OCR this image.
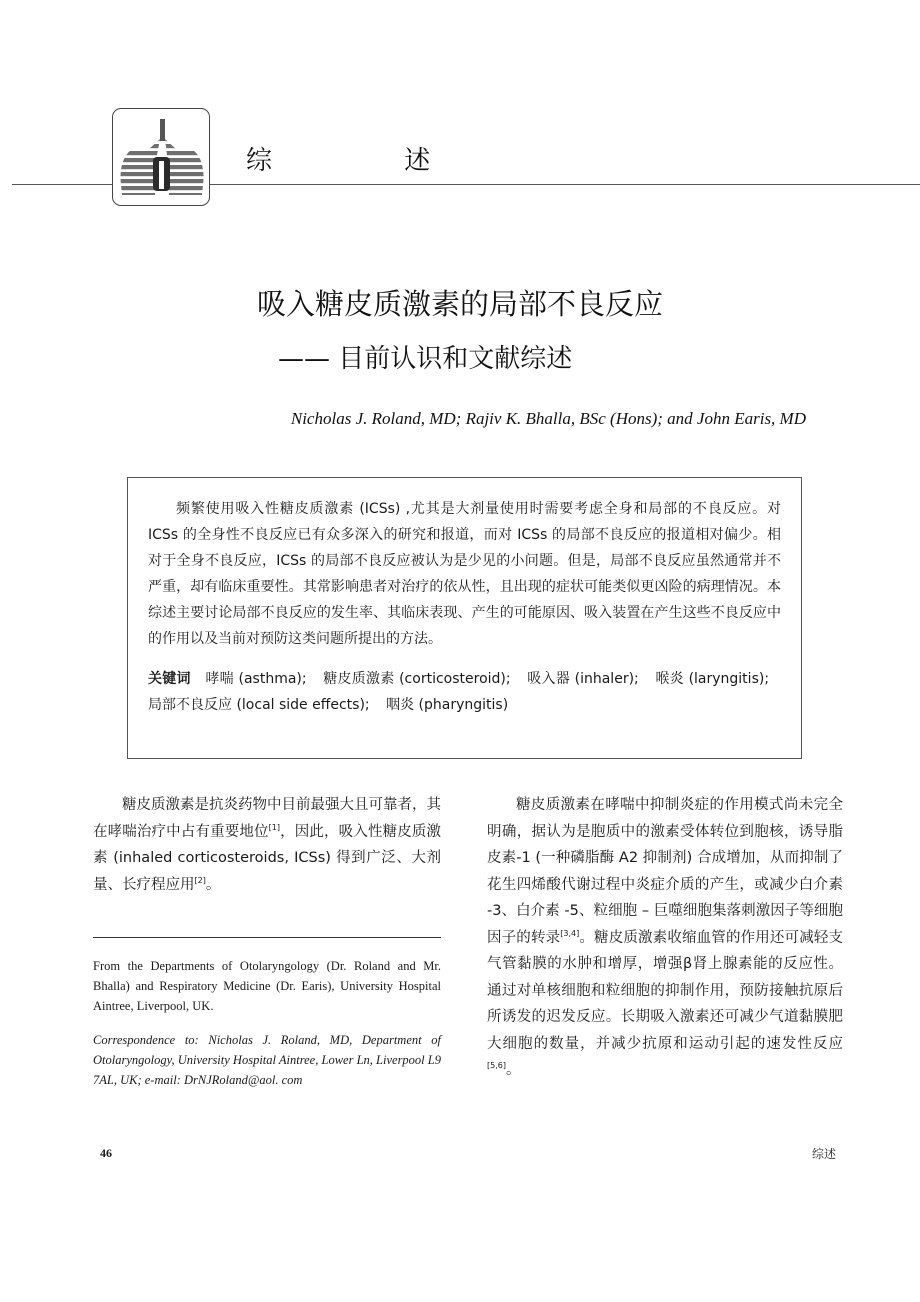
综 述
吸入糖皮质激素的局部不良反应
—— 目前认识和文献综述
Nicholas J. Roland, MD; Rajiv K. Bhalla, BSc (Hons); and John Earis, MD

频繁使用吸入性糖皮质激素 (ICSs) ,尤其是大剂量使用时需要考虑全身和局部的不良反应。对 ICSs 的全身性不良反应已有众多深入的研究和报道，而对 ICSs 的局部不良反应的报道相对偏少。相对于全身不良反应，ICSs 的局部不良反应被认为是少见的小问题。但是，局部不良反应虽然通常并不严重，却有临床重要性。其常影响患者对治疗的依从性，且出现的症状可能类似更凶险的病理情况。本综述主要讨论局部不良反应的发生率、其临床表现、产生的可能原因、吸入装置在产生这些不良反应中的作用以及当前对预防这类问题所提出的方法。

关键词 哮喘 (asthma); 糖皮质激素 (corticosteroid); 吸入器 (inhaler); 喉炎 (laryngitis); 局部不良反应 (local side effects); 咽炎 (pharyngitis)

糖皮质激素是抗炎药物中目前最强大且可靠者，其在哮喘治疗中占有重要地位[1]，因此，吸入性糖皮质激素 (inhaled corticosteroids, ICSs) 得到广泛、大剂量、长疗程应用[2]。

糖皮质激素在哮喘中抑制炎症的作用模式尚未完全明确，据认为是胞质中的激素受体转位到胞核，诱导脂皮素-1 (一种磷脂酶 A2 抑制剂) 合成增加，从而抑制了花生四烯酸代谢过程中炎症介质的产生，或减少白介素 -3、白介素 -5、粒细胞 – 巨噬细胞集落刺激因子等细胞因子的转录[3,4]。糖皮质激素收缩血管的作用还可减轻支气管黏膜的水肿和增厚，增强β肾上腺素能的反应性。通过对单核细胞和粒细胞的抑制作用，预防接触抗原后所诱发的迟发反应。长期吸入激素还可减少气道黏膜肥大细胞的数量，并减少抗原和运动引起的速发性反应[5,6]。

From the Departments of Otolaryngology (Dr. Roland and Mr. Bhalla) and Respiratory Medicine (Dr. Earis), University Hospital Aintree, Liverpool, UK.
Correspondence to: Nicholas J. Roland, MD, Department of Otolaryngology, University Hospital Aintree, Lower Ln, Liverpool L9 7AL, UK; e-mail: DrNJRoland@aol. com
46	综述
